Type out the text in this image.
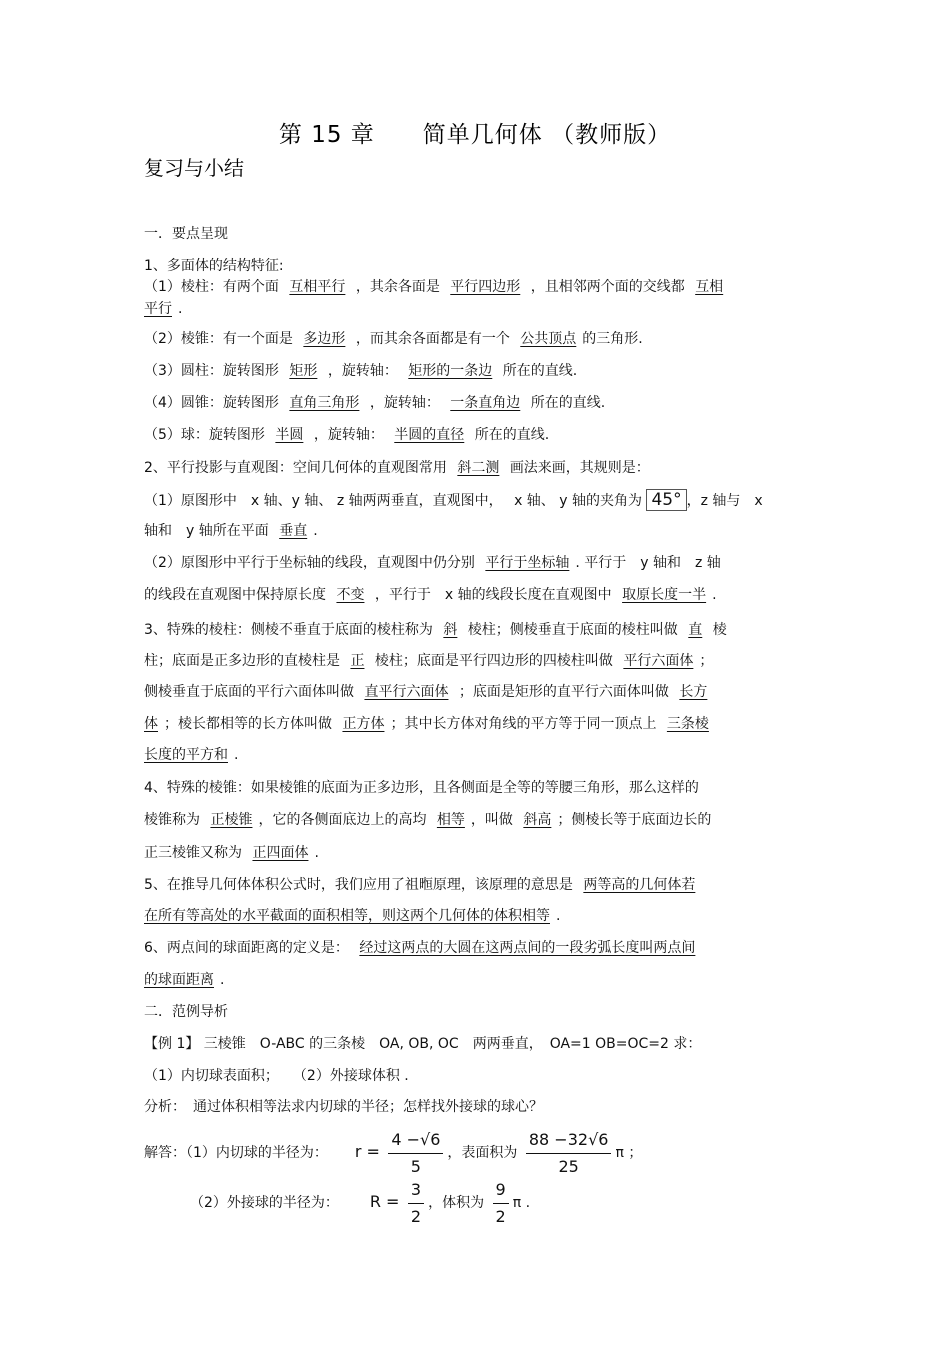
第 15 章　　简单几何体 （教师版）
复习与小结
一．要点呈现
1、多面体的结构特征:
（1）棱柱：有两个面 互相平行 ，其余各面是 平行四边形 ，且相邻两个面的交线都 互相
平行 .
（2）棱锥：有一个面是 多边形 ，而其余各面都是有一个 公共顶点 的三角形.
（3）圆柱：旋转图形 矩形 ，旋转轴： 矩形的一条边 所在的直线.
（4）圆锥：旋转图形 直角三角形 ，旋转轴： 一条直角边 所在的直线.
（5）球：旋转图形 半圆 ，旋转轴： 半圆的直径 所在的直线.
2、平行投影与直观图：空间几何体的直观图常用 斜二测 画法来画，其规则是：
（1）原图形中　x 轴、y 轴、 z 轴两两垂直，直观图中，　 x 轴、 y 轴的夹角为 45° ，z 轴与　x
轴和　y 轴所在平面 垂直 .
（2）原图形中平行于坐标轴的线段，直观图中仍分别 平行于坐标轴 . 平行于　y 轴和　z 轴
的线段在直观图中保持原长度 不变 ，平行于　x 轴的线段长度在直观图中 取原长度一半 .
3、特殊的棱柱：侧棱不垂直于底面的棱柱称为 斜 棱柱；侧棱垂直于底面的棱柱叫做 直 棱
柱；底面是正多边形的直棱柱是 正 棱柱；底面是平行四边形的四棱柱叫做 平行六面体 ；
侧棱垂直于底面的平行六面体叫做 直平行六面体 ；底面是矩形的直平行六面体叫做 长方
体 ；棱长都相等的长方体叫做 正方体 ；其中长方体对角线的平方等于同一顶点上 三条棱
长度的平方和 .
4、特殊的棱锥：如果棱锥的底面为正多边形，且各侧面是全等的等腰三角形，那么这样的
棱锥称为 正棱锥 ，它的各侧面底边上的高均 相等 ，叫做 斜高 ；侧棱长等于底面边长的
正三棱锥又称为 正四面体 .
5、在推导几何体体积公式时，我们应用了祖暅原理，该原理的意思是 两等高的几何体若
在所有等高处的水平截面的面积相等，则这两个几何体的体积相等 .
6、两点间的球面距离的定义是： 经过这两点的大圆在这两点间的一段劣弧长度叫两点间
的球面距离 .
二．范例导析
【例 1】 三棱锥　O-ABC 的三条棱　OA, OB, OC　两两垂直，　OA=1 OB=OC=2 求：
（1）内切球表面积；　　（2）外接球体积 .
分析：　通过体积相等法求内切球的半径；怎样找外接球的球心？
解答：（1）内切球的半径为： $r = \frac{4 -√6}{5}$ ，表面积为 $\frac{88 -32√6}{25}$ π ；
（2）外接球的半径为： $R = \frac{3}{2}$ ，体积为 $\frac{9}{2}$ π .
